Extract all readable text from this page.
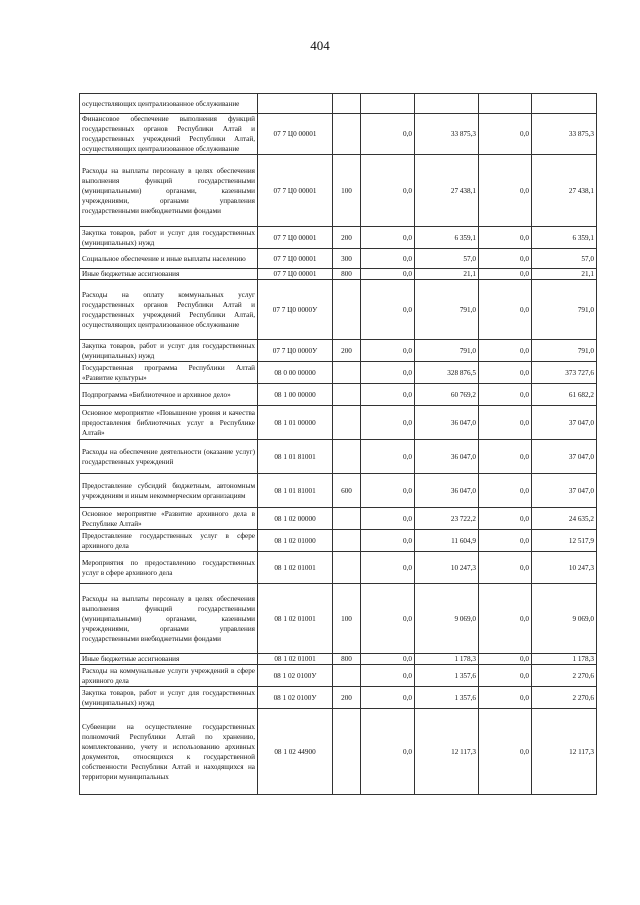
404
осуществляющих централизованное обслуживание						
Финансовое обеспечение выполнения функций государственных органов Республики Алтай и государственных учреждений Республики Алтай, осуществляющих централизованное обслуживание	07 7 Ц0 00001		0,0	33 875,3	0,0	33 875,3
Расходы на выплаты персоналу в целях обеспечения выполнения функций государственными (муниципальными) органами, казенными учреждениями, органами управления государственными внебюджетными фондами	07 7 Ц0 00001	100	0,0	27 438,1	0,0	27 438,1
Закупка товаров, работ и услуг для государственных (муниципальных) нужд	07 7 Ц0 00001	200	0,0	6 359,1	0,0	6 359,1
Социальное обеспечение и иные выплаты населению	07 7 Ц0 00001	300	0,0	57,0	0,0	57,0
Иные бюджетные ассигнования	07 7 Ц0 00001	800	0,0	21,1	0,0	21,1
Расходы на оплату коммунальных услуг государственных органов Республики Алтай и государственных учреждений Республики Алтай, осуществляющих централизованное обслуживание	07 7 Ц0 0000У		0,0	791,0	0,0	791,0
Закупка товаров, работ и услуг для государственных (муниципальных) нужд	07 7 Ц0 0000У	200	0,0	791,0	0,0	791,0
Государственная программа Республики Алтай «Развитие культуры»	08 0 00 00000		0,0	328 876,5	0,0	373 727,6
Подпрограмма «Библиотечное и архивное дело»	08 1 00 00000		0,0	60 769,2	0,0	61 682,2
Основное мероприятие «Повышение уровня и качества предоставления библиотечных услуг в Республике Алтай»	08 1 01 00000		0,0	36 047,0	0,0	37 047,0
Расходы на обеспечение деятельности (оказание услуг) государственных учреждений	08 1 01 81001		0,0	36 047,0	0,0	37 047,0
Предоставление субсидий бюджетным, автономным учреждениям и иным некоммерческим организациям	08 1 01 81001	600	0,0	36 047,0	0,0	37 047,0
Основное мероприятие «Развитие архивного дела в Республике Алтай»	08 1 02 00000		0,0	23 722,2	0,0	24 635,2
Предоставление государственных услуг в сфере архивного дела	08 1 02 01000		0,0	11 604,9	0,0	12 517,9
Мероприятия по предоставлению государственных услуг в сфере архивного дела	08 1 02 01001		0,0	10 247,3	0,0	10 247,3
Расходы на выплаты персоналу в целях обеспечения выполнения функций государственными (муниципальными) органами, казенными учреждениями, органами управления государственными внебюджетными фондами	08 1 02 01001	100	0,0	9 069,0	0,0	9 069,0
Иные бюджетные ассигнования	08 1 02 01001	800	0,0	1 178,3	0,0	1 178,3
Расходы на коммунальные услуги учреждений в сфере архивного дела	08 1 02 0100У		0,0	1 357,6	0,0	2 270,6
Закупка товаров, работ и услуг для государственных (муниципальных) нужд	08 1 02 0100У	200	0,0	1 357,6	0,0	2 270,6
Субвенции на осуществление государственных полномочий Республики Алтай по хранению, комплектованию, учету и использованию архивных документов, относящихся к государственной собственности Республики Алтай и находящихся на территории муниципальных	08 1 02 44900		0,0	12 117,3	0,0	12 117,3
